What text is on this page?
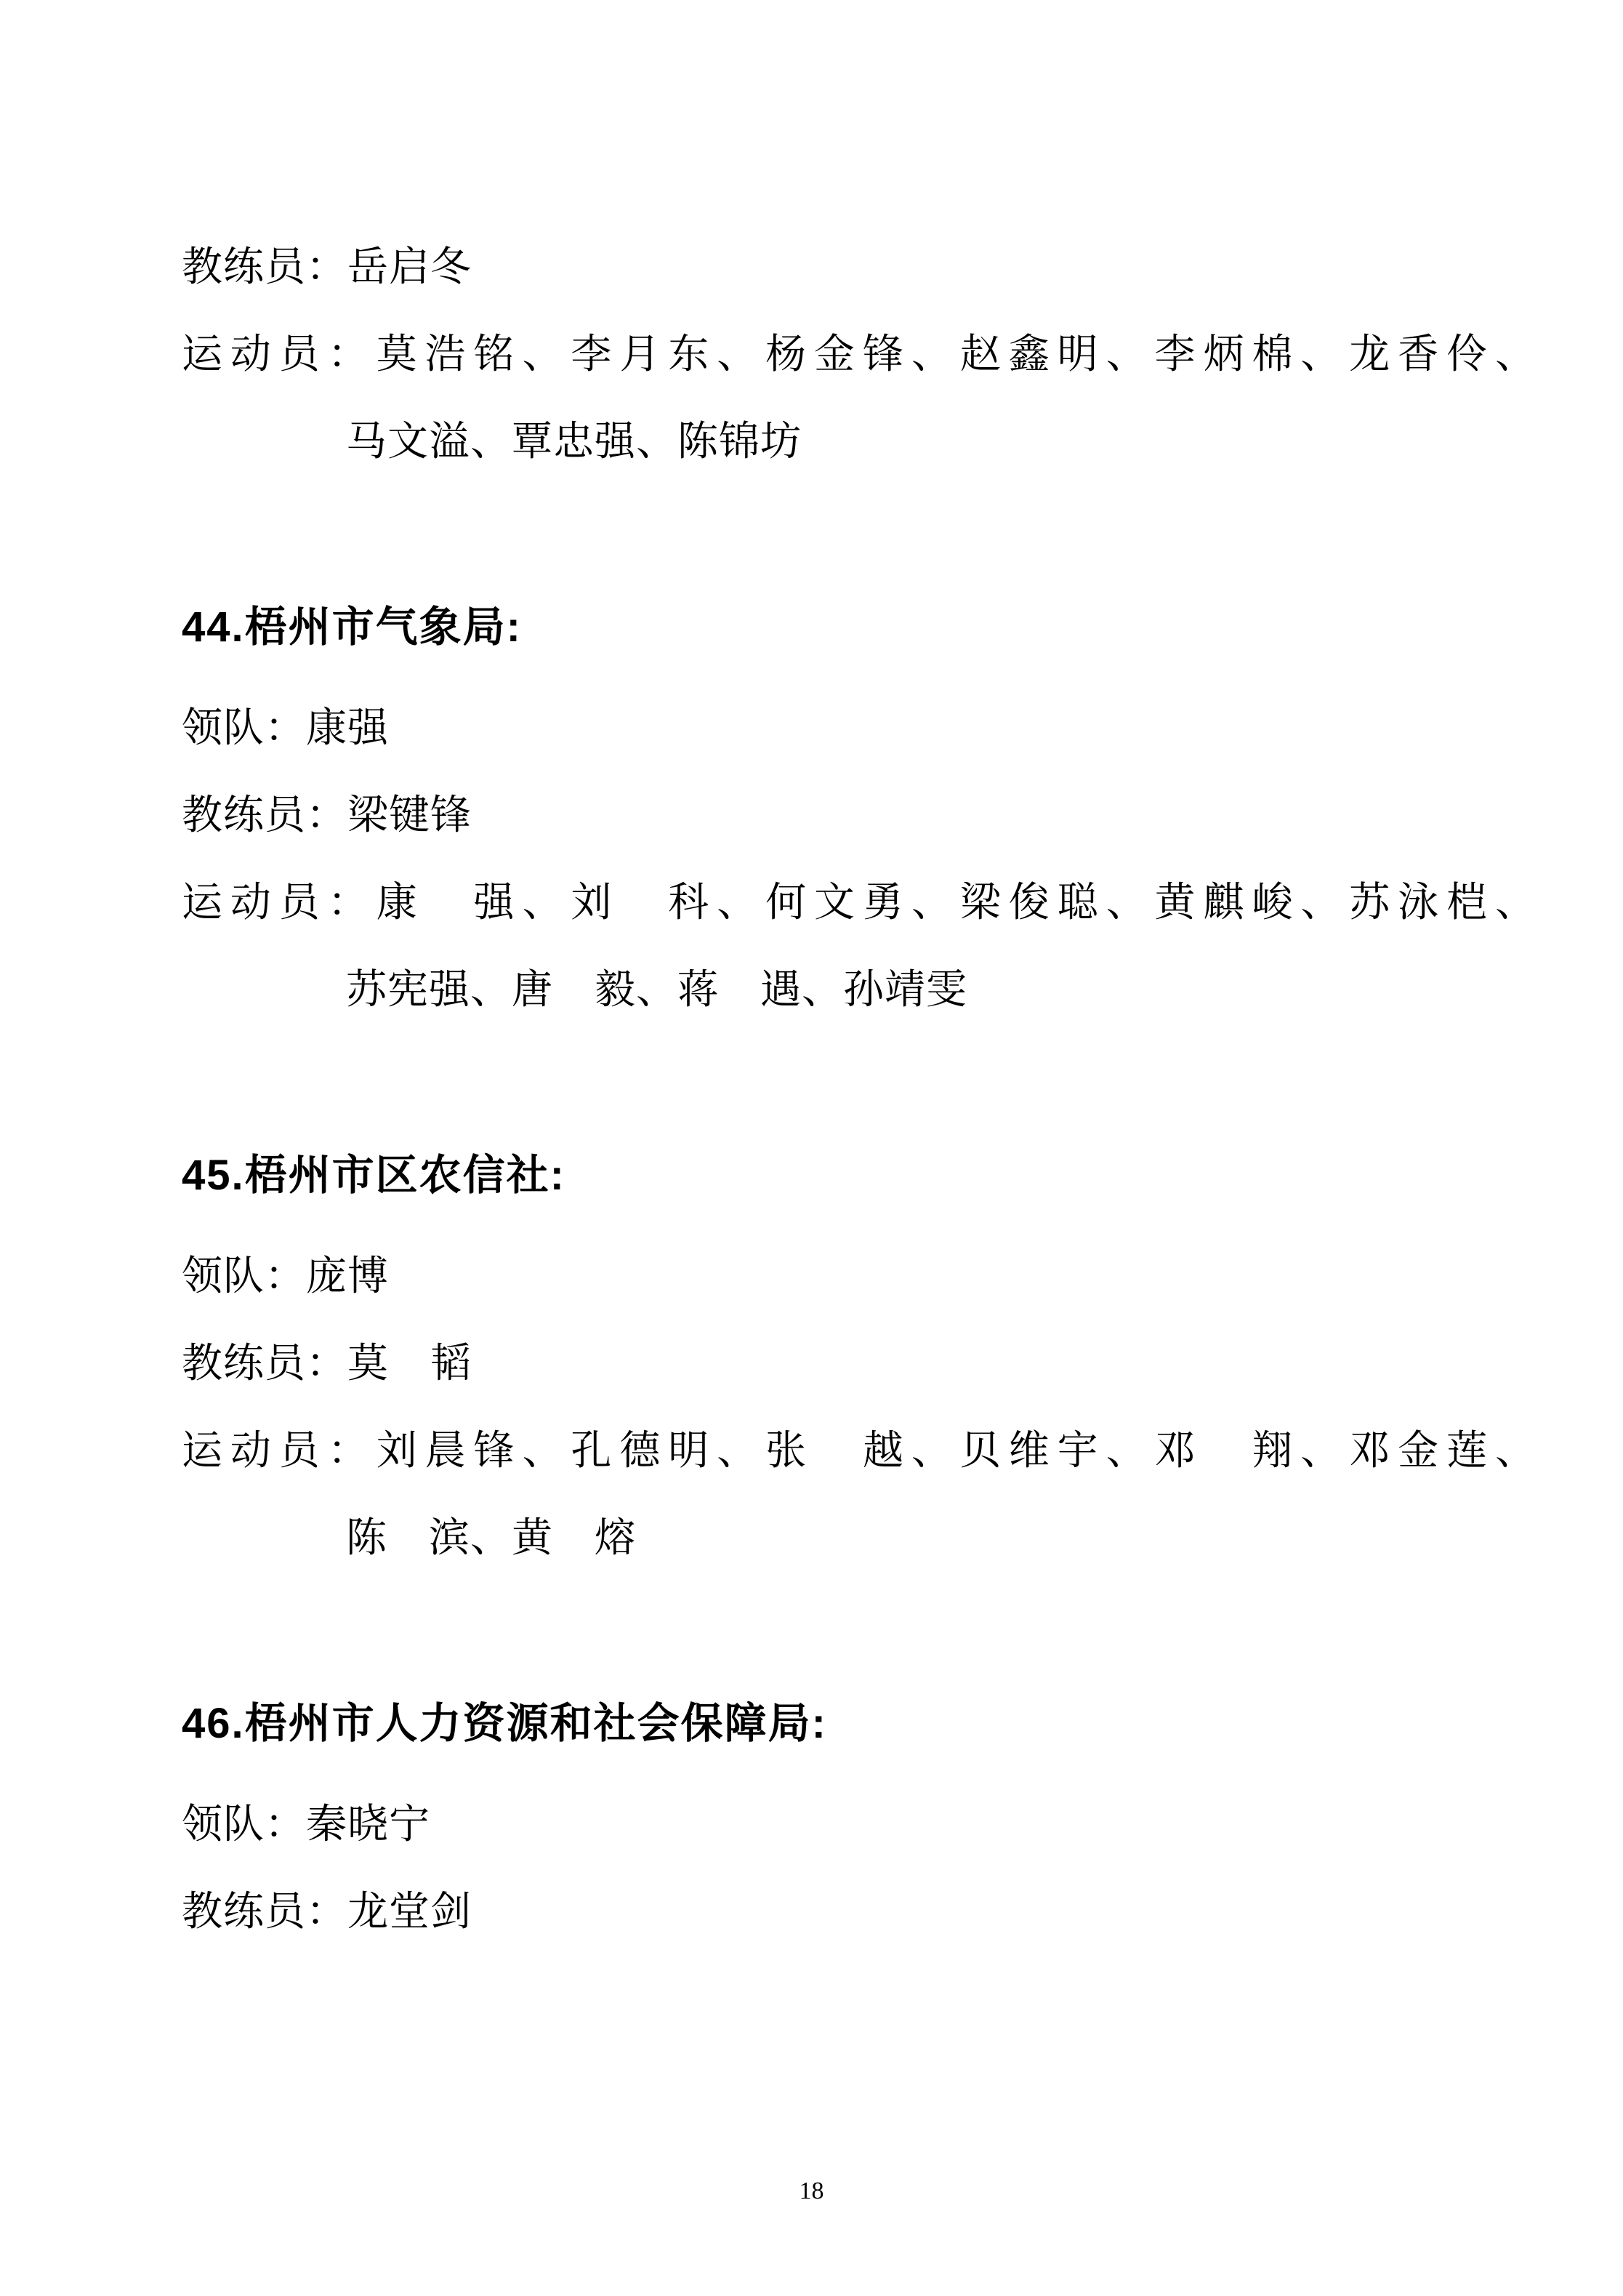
教练员：岳启冬
运动员：莫浩铭、李月东、杨金锋、赵鑫明、李炳棉、龙香伶、
马文溢、覃忠强、陈锦坊
44.梧州市气象局:
领队：康强
教练员：梁键锋
运动员：康　强、刘　科、何文勇、梁俊聪、黄麒峻、苏泳桤、
苏宪强、唐　毅、蒋　遇、孙靖雯
45.梧州市区农信社:
领队：庞博
教练员：莫　韬
运动员：刘晨锋、孔德明、张　越、贝维宇、邓　翔、邓金莲、
陈　滨、黄　熔
46.梧州市人力资源和社会保障局:
领队：秦晓宁
教练员：龙堂剑
18
